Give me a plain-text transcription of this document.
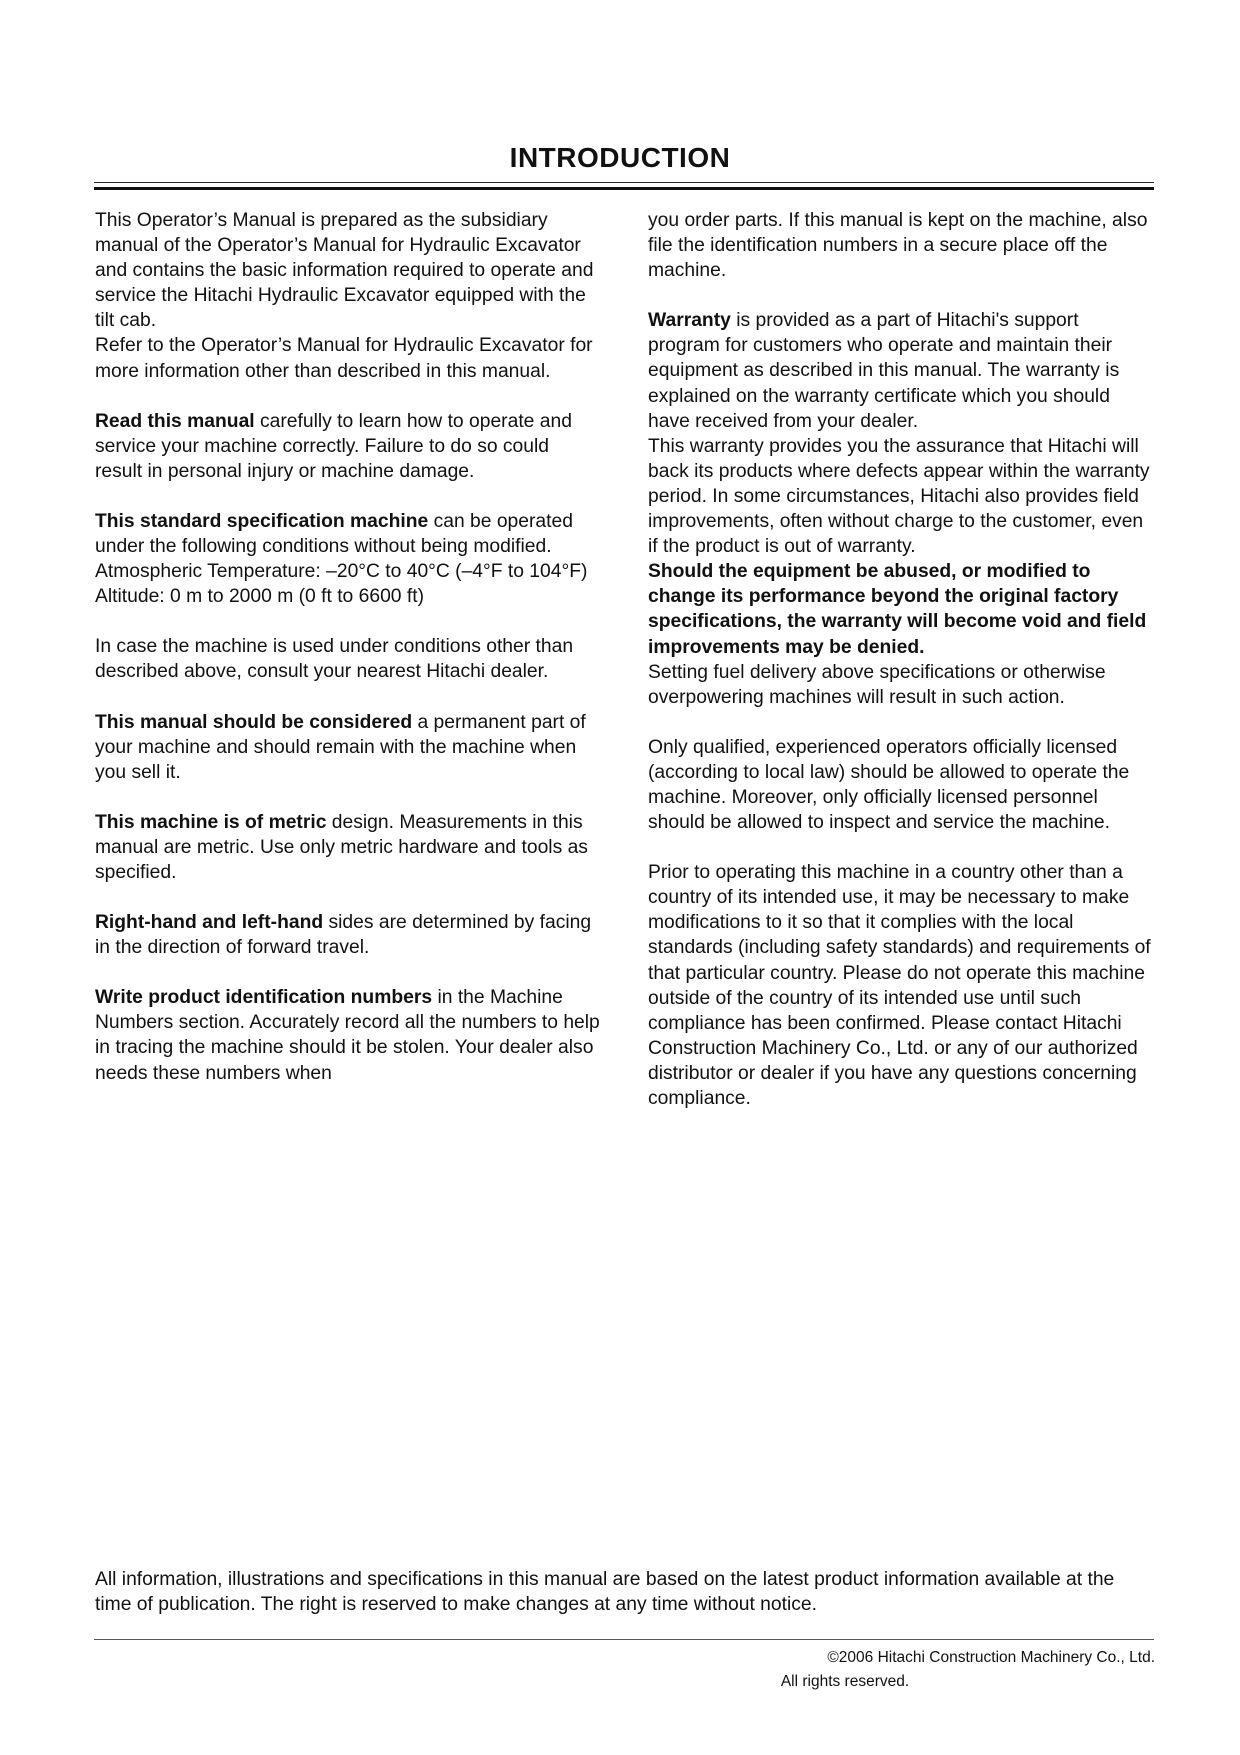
INTRODUCTION

This Operator’s Manual is prepared as the subsidiary manual of the Operator’s Manual for Hydraulic Excavator and contains the basic information required to operate and service the Hitachi Hydraulic Excavator equipped with the tilt cab.

Refer to the Operator’s Manual for Hydraulic Excavator for more information other than described in this manual.

Read this manual carefully to learn how to operate and service your machine correctly. Failure to do so could result in personal injury or machine damage.

This standard specification machine can be operated under the following conditions without being modified.

Atmospheric Temperature: –20°C to 40°C (–4°F to 104°F)

Altitude: 0 m to 2000 m (0 ft to 6600 ft)

In case the machine is used under conditions other than described above, consult your nearest Hitachi dealer.

This manual should be considered a permanent part of your machine and should remain with the machine when you sell it.

This machine is of metric design. Measurements in this manual are metric. Use only metric hardware and tools as specified.

Right-hand and left-hand sides are determined by facing in the direction of forward travel.

Write product identification numbers in the Machine Numbers section. Accurately record all the numbers to help in tracing the machine should it be stolen. Your dealer also needs these numbers when

you order parts. If this manual is kept on the machine, also file the identification numbers in a secure place off the machine.

Warranty is provided as a part of Hitachi's support program for customers who operate and maintain their equipment as described in this manual. The warranty is explained on the warranty certificate which you should have received from your dealer.

This warranty provides you the assurance that Hitachi will back its products where defects appear within the warranty period. In some circumstances, Hitachi also provides field improvements, often without charge to the customer, even if the product is out of warranty.

Should the equipment be abused, or modified to change its performance beyond the original factory specifications, the warranty will become void and field improvements may be denied.

Setting fuel delivery above specifications or otherwise overpowering machines will result in such action.

Only qualified, experienced operators officially licensed (according to local law) should be allowed to operate the machine. Moreover, only officially licensed personnel should be allowed to inspect and service the machine.

Prior to operating this machine in a country other than a country of its intended use, it may be necessary to make modifications to it so that it complies with the local standards (including safety standards) and requirements of that particular country. Please do not operate this machine outside of the country of its intended use until such compliance has been confirmed. Please contact Hitachi Construction Machinery Co., Ltd. or any of our authorized distributor or dealer if you have any questions concerning compliance.

All information, illustrations and specifications in this manual are based on the latest product information available at the time of publication. The right is reserved to make changes at any time without notice.

©2006 Hitachi Construction Machinery Co., Ltd.

All rights reserved.
